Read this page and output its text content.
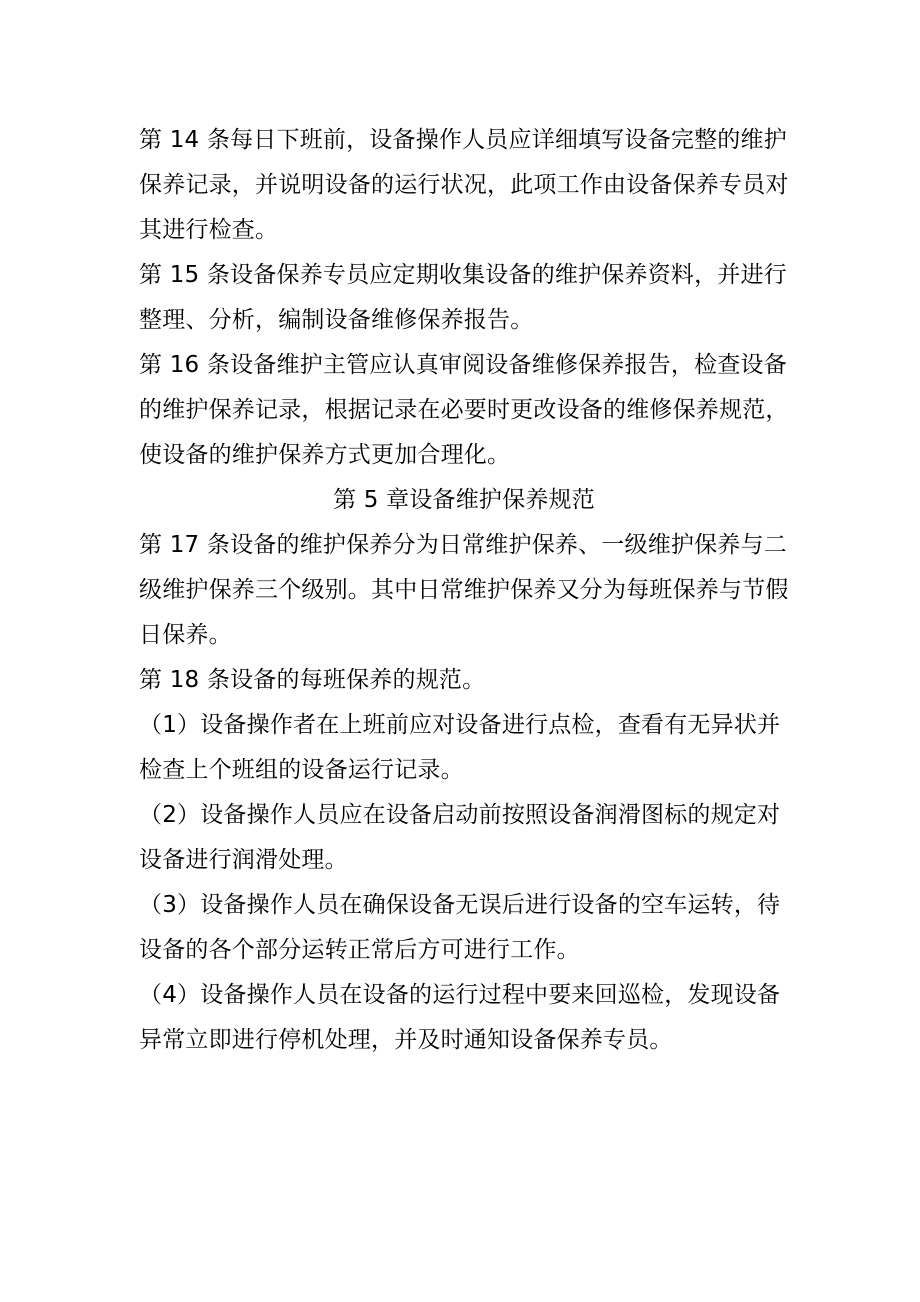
第 14 条每日下班前，设备操作人员应详细填写设备完整的维护
保养记录，并说明设备的运行状况，此项工作由设备保养专员对
其进行检查。
第 15 条设备保养专员应定期收集设备的维护保养资料，并进行
整理、分析，编制设备维修保养报告。
第 16 条设备维护主管应认真审阅设备维修保养报告，检查设备
的维护保养记录，根据记录在必要时更改设备的维修保养规范，
使设备的维护保养方式更加合理化。
第 5 章设备维护保养规范
第 17 条设备的维护保养分为日常维护保养、一级维护保养与二
级维护保养三个级别。其中日常维护保养又分为每班保养与节假
日保养。
第 18 条设备的每班保养的规范。
（1）设备操作者在上班前应对设备进行点检，查看有无异状并
检查上个班组的设备运行记录。
（2）设备操作人员应在设备启动前按照设备润滑图标的规定对
设备进行润滑处理。
（3）设备操作人员在确保设备无误后进行设备的空车运转，待
设备的各个部分运转正常后方可进行工作。
（4）设备操作人员在设备的运行过程中要来回巡检，发现设备
异常立即进行停机处理，并及时通知设备保养专员。
